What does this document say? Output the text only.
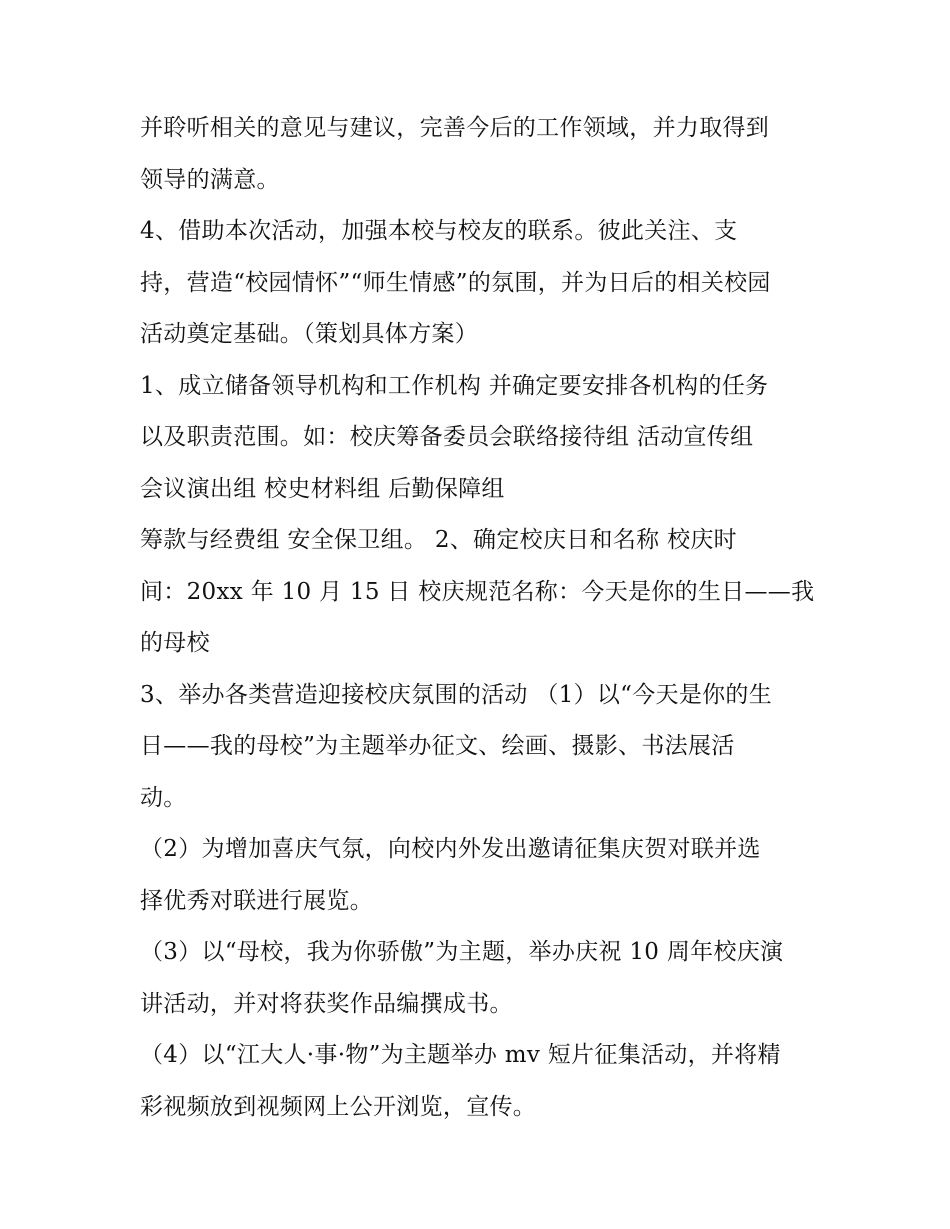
并聆听相关的意见与建议，完善今后的工作领域，并力取得到
领导的满意。
4、借助本次活动，加强本校与校友的联系。彼此关注、支
持，营造“校园情怀”“师生情感”的氛围，并为日后的相关校园
活动奠定基础。（策划具体方案）
1、成立储备领导机构和工作机构 并确定要安排各机构的任务
以及职责范围。如：校庆筹备委员会联络接待组 活动宣传组
会议演出组 校史材料组 后勤保障组
筹款与经费组 安全保卫组。 2、确定校庆日和名称 校庆时
间：20xx 年 10 月 15 日 校庆规范名称：今天是你的生日——我
的母校
3、举办各类营造迎接校庆氛围的活动 （1）以“今天是你的生
日——我的母校”为主题举办征文、绘画、摄影、书法展活
动。
（2）为增加喜庆气氛，向校内外发出邀请征集庆贺对联并选
择优秀对联进行展览。
（3）以“母校，我为你骄傲”为主题，举办庆祝 10 周年校庆演
讲活动，并对将获奖作品编撰成书。
（4）以“江大人·事·物”为主题举办 mv 短片征集活动，并将精
彩视频放到视频网上公开浏览，宣传。
